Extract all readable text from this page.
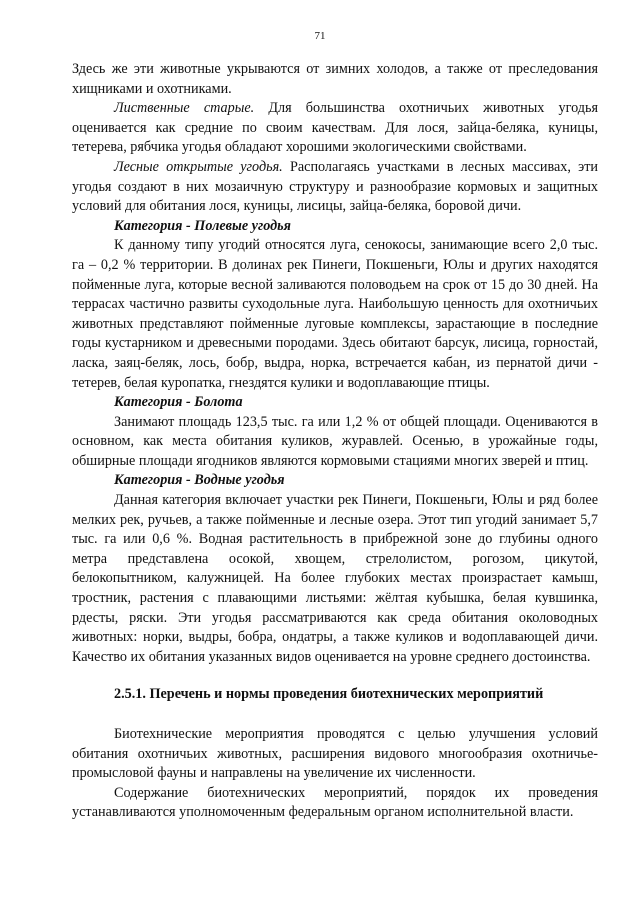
71

Здесь же эти животные укрываются от зимних холодов, а также от преследования хищниками и охотниками.

Лиственные старые. Для большинства охотничьих животных угодья оценивается как средние по своим качествам. Для лося, зайца-беляка, куницы, тетерева, рябчика угодья обладают хорошими экологическими свойствами.

Лесные открытые угодья. Располагаясь участками в лесных массивах, эти угодья создают в них мозаичную структуру и разнообразие кормовых и защитных условий для обитания лося, куницы, лисицы, зайца-беляка, боровой дичи.

Категория - Полевые угодья

К данному типу угодий относятся луга, сенокосы, занимающие всего 2,0 тыс. га – 0,2 % территории. В долинах рек Пинеги, Покшеньги, Юлы и других находятся пойменные луга, которые весной заливаются половодьем на срок от 15 до 30 дней. На террасах частично развиты суходольные луга. Наибольшую ценность для охотничьих животных представляют пойменные луговые комплексы, зарастающие в последние годы кустарником и древесными породами. Здесь обитают барсук, лисица, горностай, ласка, заяц-беляк, лось, бобр, выдра, норка, встречается кабан, из пернатой дичи - тетерев, белая куропатка, гнездятся кулики и водоплавающие птицы.

Категория - Болота

Занимают площадь 123,5 тыс. га или 1,2 % от общей площади. Оцениваются в основном, как места обитания куликов, журавлей. Осенью, в урожайные годы, обширные площади ягодников являются кормовыми стациями многих зверей и птиц.

Категория - Водные угодья

Данная категория включает участки рек Пинеги, Покшеньги, Юлы и ряд более мелких рек, ручьев, а также пойменные и лесные озера. Этот тип угодий занимает 5,7 тыс. га или 0,6 %. Водная растительность в прибрежной зоне до глубины одного метра представлена осокой, хвощем, стрелолистом, рогозом, цикутой, белокопытником, калужницей. На более глубоких местах произрастает камыш, тростник, растения с плавающими листьями: жёлтая кубышка, белая кувшинка, рдесты, ряски. Эти угодья рассматриваются как среда обитания околоводных животных: норки, выдры, бобра, ондатры, а также куликов и водоплавающей дичи. Качество их обитания указанных видов оценивается на уровне среднего достоинства.

2.5.1. Перечень и нормы проведения биотехнических мероприятий

Биотехнические мероприятия проводятся с целью улучшения условий обитания охотничьих животных, расширения видового многообразия охотничье-промысловой фауны и направлены на увеличение их численности.

Содержание биотехнических мероприятий, порядок их проведения устанавливаются уполномоченным федеральным органом исполнительной власти.
